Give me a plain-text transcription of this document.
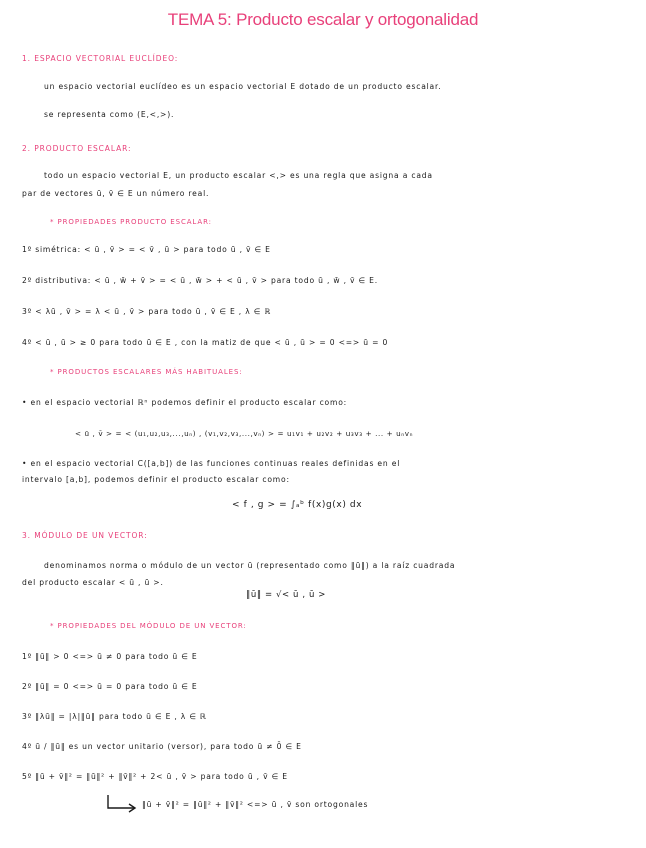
TEMA 5: Producto escalar y ortogonalidad
1. ESPACIO VECTORIAL EUCLÍDEO:
un espacio vectorial euclídeo es un espacio vectorial E dotado de un producto escalar.
se representa como (E,<,>).
2. PRODUCTO ESCALAR:
todo un espacio vectorial E, un producto escalar <,> es una regla que asigna a cada
par de vectores ū, v̄ ∈ E un número real.
* PROPIEDADES PRODUCTO ESCALAR:
1º simétrica: < ū , v̄ > = < v̄ , ū > para todo ū , v̄ ∈ E
2º distributiva: < ū , w̄ + v̄ > = < ū , w̄ > + < ū , v̄ > para todo ū , w̄ , v̄ ∈ E.
3º < λū , v̄ > = λ < ū , v̄ > para todo ū , v̄ ∈ E , λ ∈ ℝ
4º < ū , ū > ≥ 0 para todo ū ∈ E , con la matiz de que < ū , ū > = 0 <=> ū = 0
* PRODUCTOS ESCALARES MÁS HABITUALES:
• en el espacio vectorial ℝⁿ podemos definir el producto escalar como:
< ū , v̄ > = < (u₁,u₂,u₃,...,uₙ) , (v₁,v₂,v₃,...,vₙ) > = u₁v₁ + u₂v₂ + u₃v₃ + ... + uₙvₙ
• en el espacio vectorial C([a,b]) de las funciones continuas reales definidas en el
intervalo [a,b], podemos definir el producto escalar como:
< f , g > = ∫ₐᵇ f(x)g(x) dx
3. MÓDULO DE UN VECTOR:
denominamos norma o módulo de un vector ū (representado como ‖ū‖) a la raíz cuadrada
del producto escalar < ū , ū >.
‖ū‖ = √< ū , ū >
* PROPIEDADES DEL MÓDULO DE UN VECTOR:
1º ‖ū‖ > 0 <=> ū ≠ 0 para todo ū ∈ E
2º ‖ū‖ = 0 <=> ū = 0 para todo ū ∈ E
3º ‖λū‖ = |λ|‖ū‖ para todo ū ∈ E , λ ∈ ℝ
4º ū / ‖ū‖ es un vector unitario (versor), para todo ū ≠ 0̄ ∈ E
5º ‖ū + v̄‖² = ‖ū‖² + ‖v̄‖² + 2< ū , v̄ > para todo ū , v̄ ∈ E
‖ū + v̄‖² = ‖ū‖² + ‖v̄‖² <=> ū , v̄ son ortogonales
